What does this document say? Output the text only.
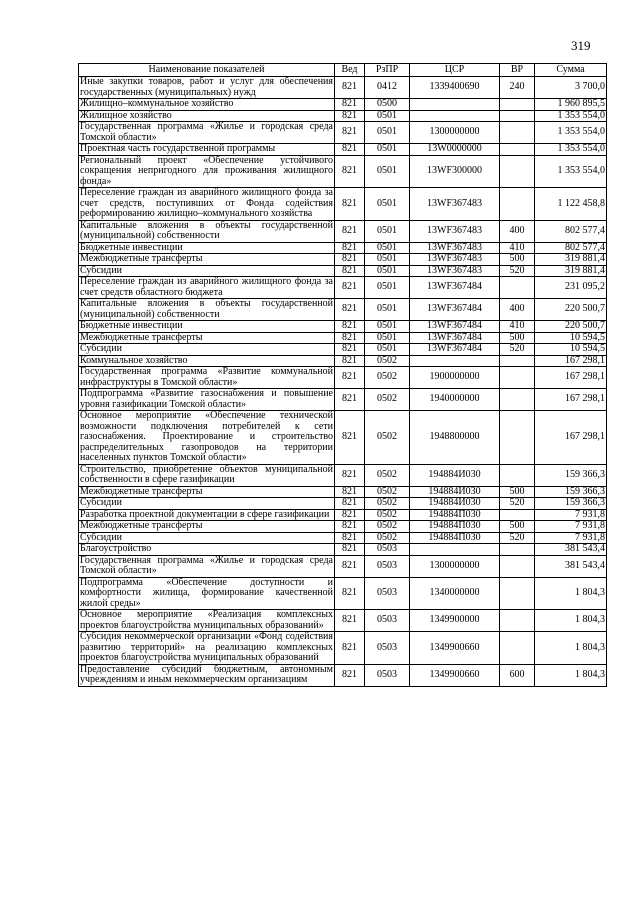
319
Наименование показателей	Вед	РзПР	ЦСР	ВР	Сумма
Иные закупки товаров, работ и услуг для обеспечения государственных (муниципальных) нужд	821	0412	1339400690	240	3 700,0
Жилищно–коммунальное хозяйство	821	0500			1 960 895,5
Жилищное хозяйство	821	0501			1 353 554,0
Государственная программа «Жилье и городская среда Томской области»	821	0501	1300000000		1 353 554,0
Проектная часть государственной программы	821	0501	13W0000000		1 353 554,0
Региональный проект «Обеспечение устойчивого сокращения непригодного для проживания жилищного фонда»	821	0501	13WF300000		1 353 554,0
Переселение граждан из аварийного жилищного фонда за счет средств, поступивших от Фонда содействия реформированию жилищно–коммунального хозяйства	821	0501	13WF367483		1 122 458,8
Капитальные вложения в объекты государственной (муниципальной) собственности	821	0501	13WF367483	400	802 577,4
Бюджетные инвестиции	821	0501	13WF367483	410	802 577,4
Межбюджетные трансферты	821	0501	13WF367483	500	319 881,4
Субсидии	821	0501	13WF367483	520	319 881,4
Переселение граждан из аварийного жилищного фонда за счет средств областного бюджета	821	0501	13WF367484		231 095,2
Капитальные вложения в объекты государственной (муниципальной) собственности	821	0501	13WF367484	400	220 500,7
Бюджетные инвестиции	821	0501	13WF367484	410	220 500,7
Межбюджетные трансферты	821	0501	13WF367484	500	10 594,5
Субсидии	821	0501	13WF367484	520	10 594,5
Коммунальное хозяйство	821	0502			167 298,1
Государственная программа «Развитие коммунальной инфраструктуры в Томской области»	821	0502	1900000000		167 298,1
Подпрограмма «Развитие газоснабжения и повышение уровня газификации Томской области»	821	0502	1940000000		167 298,1
Основное мероприятие «Обеспечение технической возможности подключения потребителей к сети газоснабжения. Проектирование и строительство распределительных газопроводов на территории населенных пунктов Томской области»	821	0502	1948800000		167 298,1
Строительство, приобретение объектов муниципальной собственности в сфере газификации	821	0502	194884И030		159 366,3
Межбюджетные трансферты	821	0502	194884И030	500	159 366,3
Субсидии	821	0502	194884И030	520	159 366,3
Разработка проектной документации в сфере газификации	821	0502	194884П030		7 931,8
Межбюджетные трансферты	821	0502	194884П030	500	7 931,8
Субсидии	821	0502	194884П030	520	7 931,8
Благоустройство	821	0503			381 543,4
Государственная программа «Жилье и городская среда Томской области»	821	0503	1300000000		381 543,4
Подпрограмма «Обеспечение доступности и комфортности жилища, формирование качественной жилой среды»	821	0503	1340000000		1 804,3
Основное мероприятие «Реализация комплексных проектов благоустройства муниципальных образований»	821	0503	1349900000		1 804,3
Субсидия некоммерческой организации «Фонд содействия развитию территорий» на реализацию комплексных проектов благоустройства муниципальных образований	821	0503	1349900660		1 804,3
Предоставление субсидий бюджетным, автономным учреждениям и иным некоммерческим организациям	821	0503	1349900660	600	1 804,3
